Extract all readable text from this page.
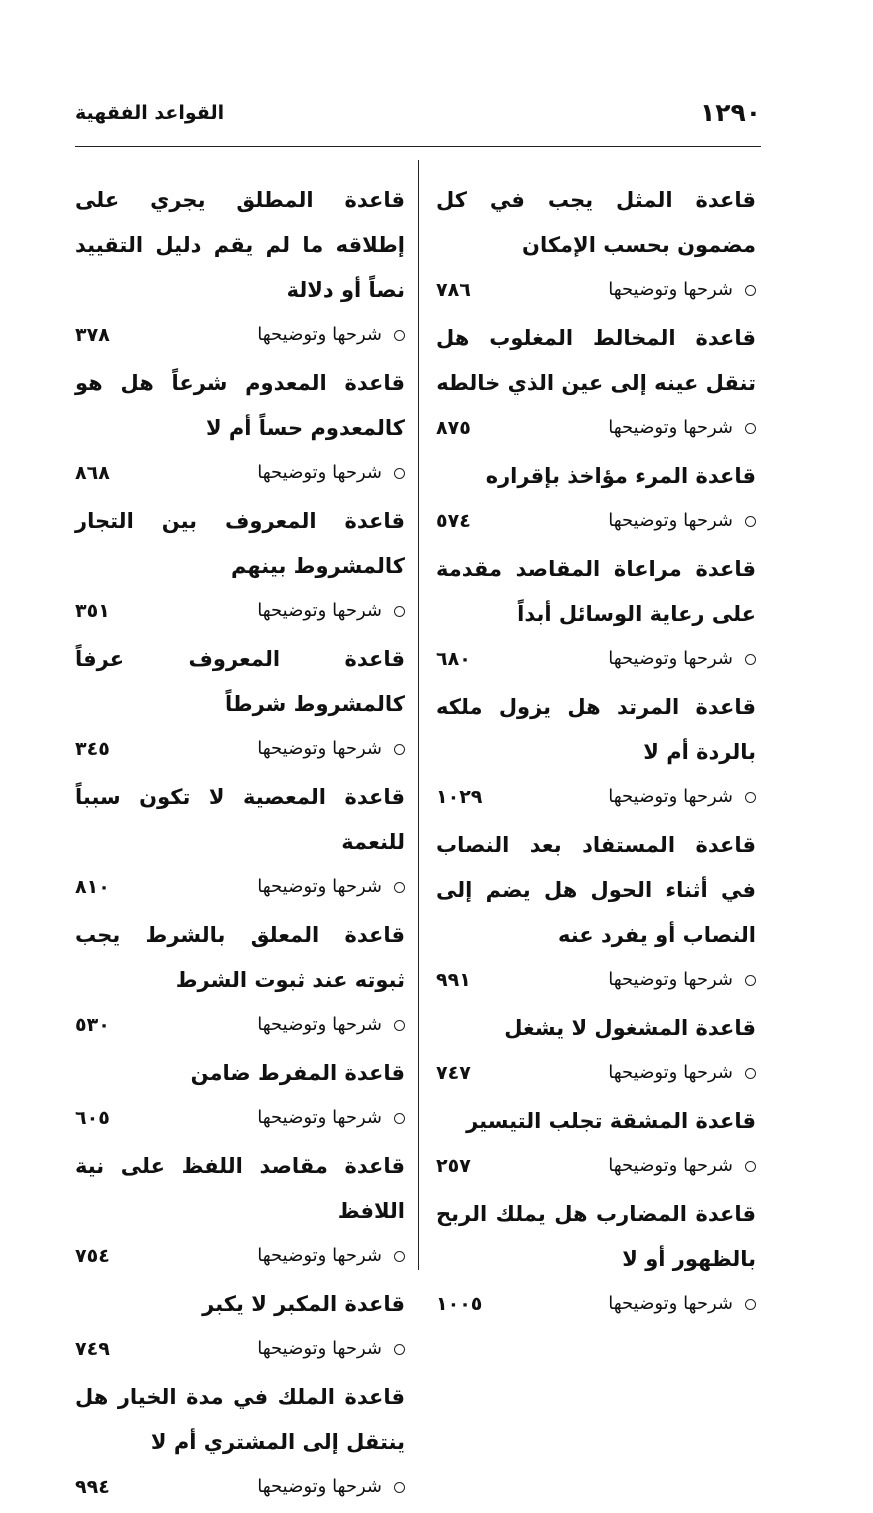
١٢٩٠
القواعد الفقهية

قاعدة المثل يجب في كل مضمون بحسب الإمكان

شرحها وتوضيحها
٧٨٦

قاعدة المخالط المغلوب هل تنقل عينه إلى عين الذي خالطه

شرحها وتوضيحها
٨٧٥

قاعدة المرء مؤاخذ بإقراره

شرحها وتوضيحها
٥٧٤

قاعدة مراعاة المقاصد مقدمة على رعاية الوسائل أبداً

شرحها وتوضيحها
٦٨٠

قاعدة المرتد هل يزول ملكه بالردة أم لا

شرحها وتوضيحها
١٠٢٩

قاعدة المستفاد بعد النصاب في أثناء الحول هل يضم إلى النصاب أو يفرد عنه

شرحها وتوضيحها
٩٩١

قاعدة المشغول لا يشغل

شرحها وتوضيحها
٧٤٧

قاعدة المشقة تجلب التيسير

شرحها وتوضيحها
٢٥٧

قاعدة المضارب هل يملك الربح بالظهور أو لا

شرحها وتوضيحها
١٠٠٥

قاعدة المطلق يجري على إطلاقه ما لم يقم دليل التقييد نصاً أو دلالة

شرحها وتوضيحها
٣٧٨

قاعدة المعدوم شرعاً هل هو كالمعدوم حساً أم لا

شرحها وتوضيحها
٨٦٨

قاعدة المعروف بين التجار كالمشروط بينهم

شرحها وتوضيحها
٣٥١

قاعدة المعروف عرفاً كالمشروط شرطاً

شرحها وتوضيحها
٣٤٥

قاعدة المعصية لا تكون سبباً للنعمة

شرحها وتوضيحها
٨١٠

قاعدة المعلق بالشرط يجب ثبوته عند ثبوت الشرط

شرحها وتوضيحها
٥٣٠

قاعدة المفرط ضامن

شرحها وتوضيحها
٦٠٥

قاعدة مقاصد اللفظ على نية اللافظ

شرحها وتوضيحها
٧٥٤

قاعدة المكبر لا يكبر

شرحها وتوضيحها
٧٤٩

قاعدة الملك في مدة الخيار هل ينتقل إلى المشتري أم لا

شرحها وتوضيحها
٩٩٤
